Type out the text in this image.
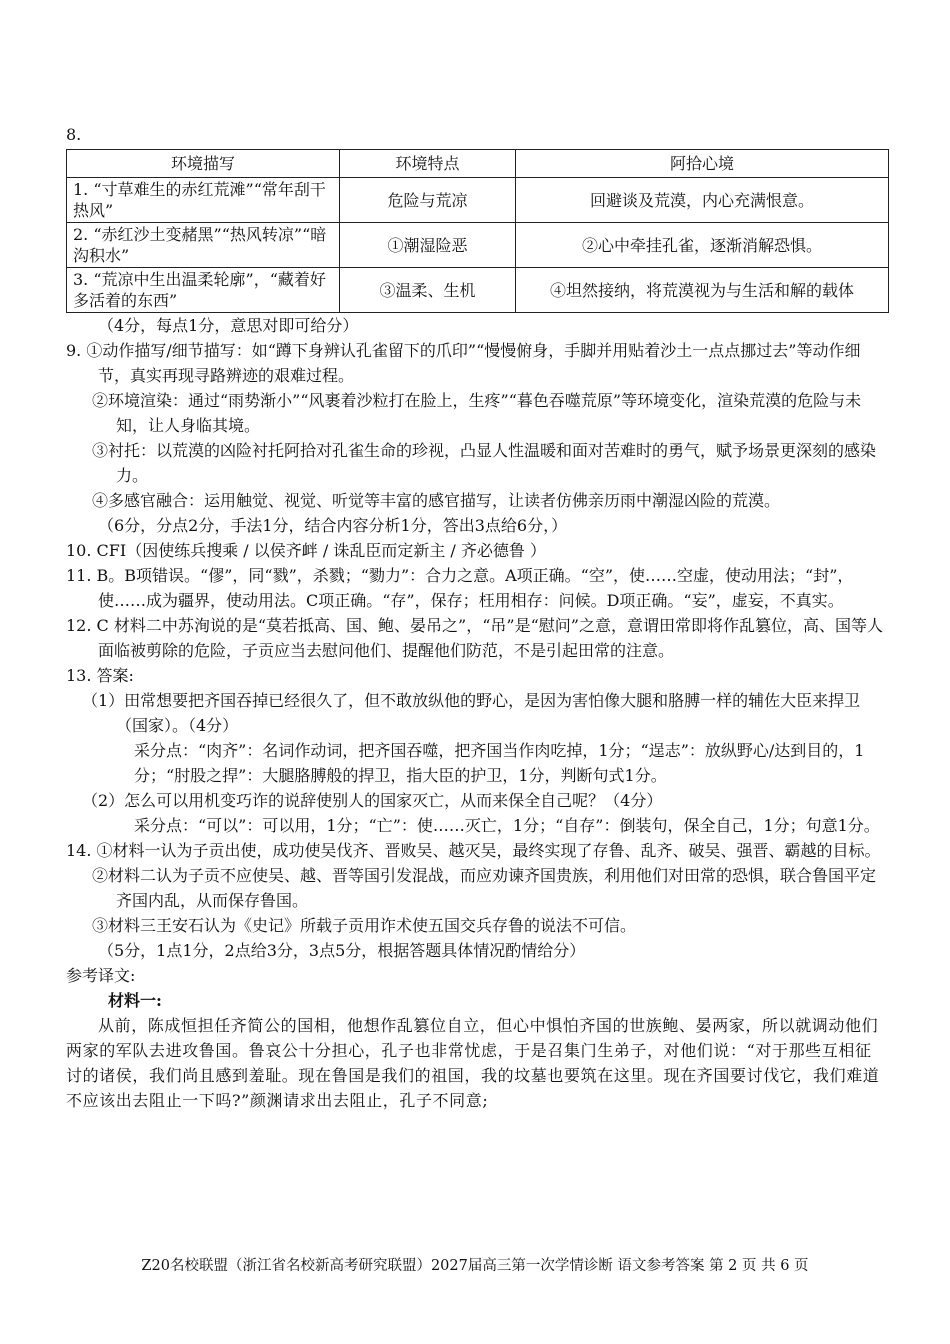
8.
环境描写	环境特点	阿拾心境
1. “寸草难生的赤红荒滩”“常年刮干热风”	危险与荒凉	回避谈及荒漠，内心充满恨意。
2. “赤红沙土变赭黑”“热风转凉”“暗沟积水”	①潮湿险恶	②心中牵挂孔雀，逐渐消解恐惧。
3. “荒凉中生出温柔轮廓”，“藏着好多活着的东西”	③温柔、生机	④坦然接纳，将荒漠视为与生活和解的载体

（4分，每点1分，意思对即可给分）

9. ①动作描写/细节描写：如“蹲下身辨认孔雀留下的爪印”“慢慢俯身，手脚并用贴着沙土一点点挪过去”等动作细节，真实再现寻路辨迹的艰难过程。

②环境渲染：通过“雨势渐小”“风裹着沙粒打在脸上，生疼”“暮色吞噬荒原”等环境变化，渲染荒漠的危险与未知，让人身临其境。

③衬托：以荒漠的凶险衬托阿拾对孔雀生命的珍视，凸显人性温暖和面对苦难时的勇气，赋予场景更深刻的感染力。

④多感官融合：运用触觉、视觉、听觉等丰富的感官描写，让读者仿佛亲历雨中潮湿凶险的荒漠。

（6分，分点2分，手法1分，结合内容分析1分，答出3点给6分，）

10. CFI（因使练兵搜乘 / 以侯齐衅 / 诛乱臣而定新主 / 齐必德鲁 ）

11. B。B项错误。“僇”，同“戮”，杀戮；“勠力”：合力之意。A项正确。“空”，使……空虚，使动用法；“封”，使……成为疆界，使动用法。C项正确。“存”，保存；枉用相存：问候。D项正确。“妄”，虚妄，不真实。

12. C 材料二中苏洵说的是“莫若抵高、国、鲍、晏吊之”，“吊”是“慰问”之意，意谓田常即将作乱篡位，高、国等人面临被剪除的危险，子贡应当去慰问他们、提醒他们防范，不是引起田常的注意。

13. 答案:

（1）田常想要把齐国吞掉已经很久了，但不敢放纵他的野心，是因为害怕像大腿和胳膊一样的辅佐大臣来捍卫（国家）。（4分）

采分点：“肉齐”：名词作动词，把齐国吞噬，把齐国当作肉吃掉，1分；“逞志”：放纵野心/达到目的，1分；“肘股之捍”：大腿胳膊般的捍卫，指大臣的护卫，1分，判断句式1分。

（2）怎么可以用机变巧诈的说辞使别人的国家灭亡，从而来保全自己呢？（4分）

采分点：“可以”：可以用，1分；“亡”：使……灭亡，1分；“自存”：倒装句，保全自己，1分；句意1分。

14. ①材料一认为子贡出使，成功使吴伐齐、晋败吴、越灭吴，最终实现了存鲁、乱齐、破吴、强晋、霸越的目标。

②材料二认为子贡不应使吴、越、晋等国引发混战，而应劝谏齐国贵族，利用他们对田常的恐惧，联合鲁国平定齐国内乱，从而保存鲁国。

③材料三王安石认为《史记》所载子贡用诈术使五国交兵存鲁的说法不可信。

（5分，1点1分，2点给3分，3点5分，根据答题具体情况酌情给分）

参考译文:

材料一:

从前，陈成恒担任齐简公的国相，他想作乱篡位自立，但心中惧怕齐国的世族鲍、晏两家，所以就调动他们两家的军队去进攻鲁国。鲁哀公十分担心，孔子也非常忧虑，于是召集门生弟子，对他们说：“对于那些互相征讨的诸侯，我们尚且感到羞耻。现在鲁国是我们的祖国，我的坟墓也要筑在这里。现在齐国要讨伐它，我们难道不应该出去阻止一下吗?”颜渊请求出去阻止，孔子不同意;

Z20名校联盟（浙江省名校新高考研究联盟）2027届高三第一次学情诊断 语文参考答案 第 2 页 共 6 页
